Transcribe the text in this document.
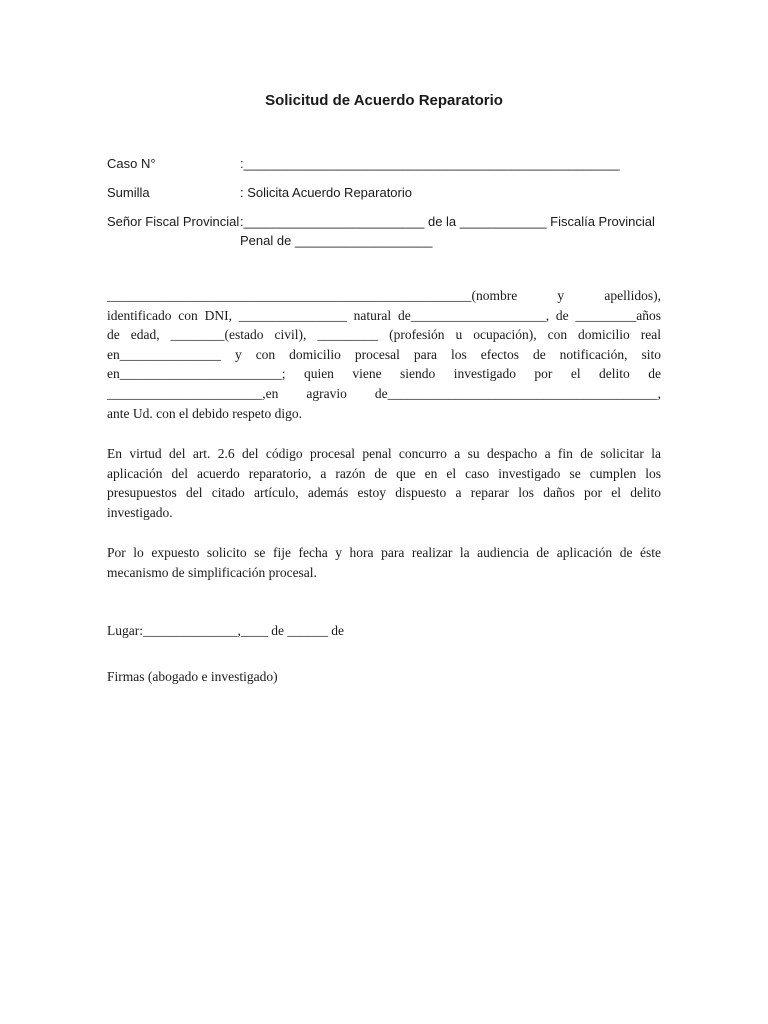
Solicitud de Acuerdo Reparatorio
Caso N°	:____________________________________________________
Sumilla	: Solicita Acuerdo Reparatorio
Señor Fiscal Provincial :_________________________ de la ____________ Fiscalía Provincial
Penal de ___________________
______________________________________________________(nombre y apellidos),
identificado con DNI, ________________ natural de____________________, de _________años
de edad, ________(estado civil), _________ (profesión u ocupación), con domicilio real
en_______________ y con domicilio procesal para los efectos de notificación, sito
en________________________; quien viene siendo investigado por el delito de
_______________________,en agravio de________________________________________,
ante Ud. con el debido respeto digo.
En virtud del art. 2.6 del código procesal penal concurro a su despacho a fin de solicitar la
aplicación del acuerdo reparatorio, a razón de que en el caso investigado se cumplen los
presupuestos del citado artículo, además estoy dispuesto a reparar los daños por el delito
investigado.
Por lo expuesto solicito se fije fecha y hora para realizar la audiencia de aplicación de éste
mecanismo de simplificación procesal.
Lugar:______________,____ de ______ de
Firmas (abogado e investigado)
